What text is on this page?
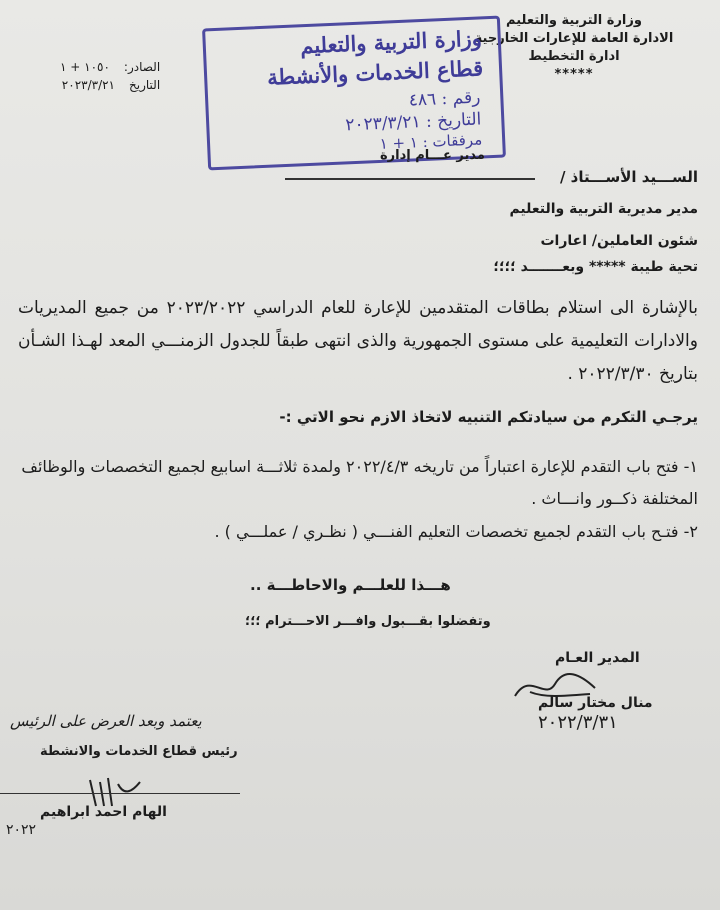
وزارة التربية والتعليم
الادارة العامة للإعارات الخارجية
ادارة التخطيط
*****
الصادر:
١٠٥٠ + ١
التاريخ
٢٠٢٣/٣/٢١
وزارة التربية والتعليم
قطاع الخدمات والأنشطة
رقم : ٤٨٦
التاريخ : ٢٠٢٣/٣/٢١
مرفقات : ١ + ١
مدير عـــام إدارة
الســـيد الأســـتاذ /
مدير مديرية التربية والتعليم
شئون العاملين/ اعارات
تحية طيبة ***** وبعـــــــد ؛؛؛؛
بالإشارة الى استلام بطاقات المتقدمين للإعارة للعام الدراسي ٢٠٢٣/٢٠٢٢ من جميع المديريات والادارات التعليمية على مستوى الجمهورية والذى انتهى طبقاً للجدول الزمنـــي المعد لهـذا الشـأن بتاريخ ٢٠٢٢/٣/٣٠ .
يرجـي التكرم من سيادتكم التنبيه لاتخاذ الازم نحو الاتي :-
١- فتح باب التقدم للإعارة اعتباراً من تاريخه ٢٠٢٢/٤/٣ ولمدة ثلاثـــة اسابيع لجميع التخصصات والوظائف المختلفة ذكــور وانـــاث .
٢- فتـح باب التقدم لجميع تخصصات التعليم الفنـــي ( نظـري / عملـــي ) .
هـــذا للعلـــم والاحاطـــة ..
وتفضلوا بقـــبول وافـــر الاحـــترام ؛؛؛
المدير العـام
منال مختار سالم
٢٠٢٢/٣/٣١
يعتمد وبعد العرض على الرئيس
رئيس قطاع الخدمات والانشطة
الهام احمد ابراهيم
٢٠٢٢
